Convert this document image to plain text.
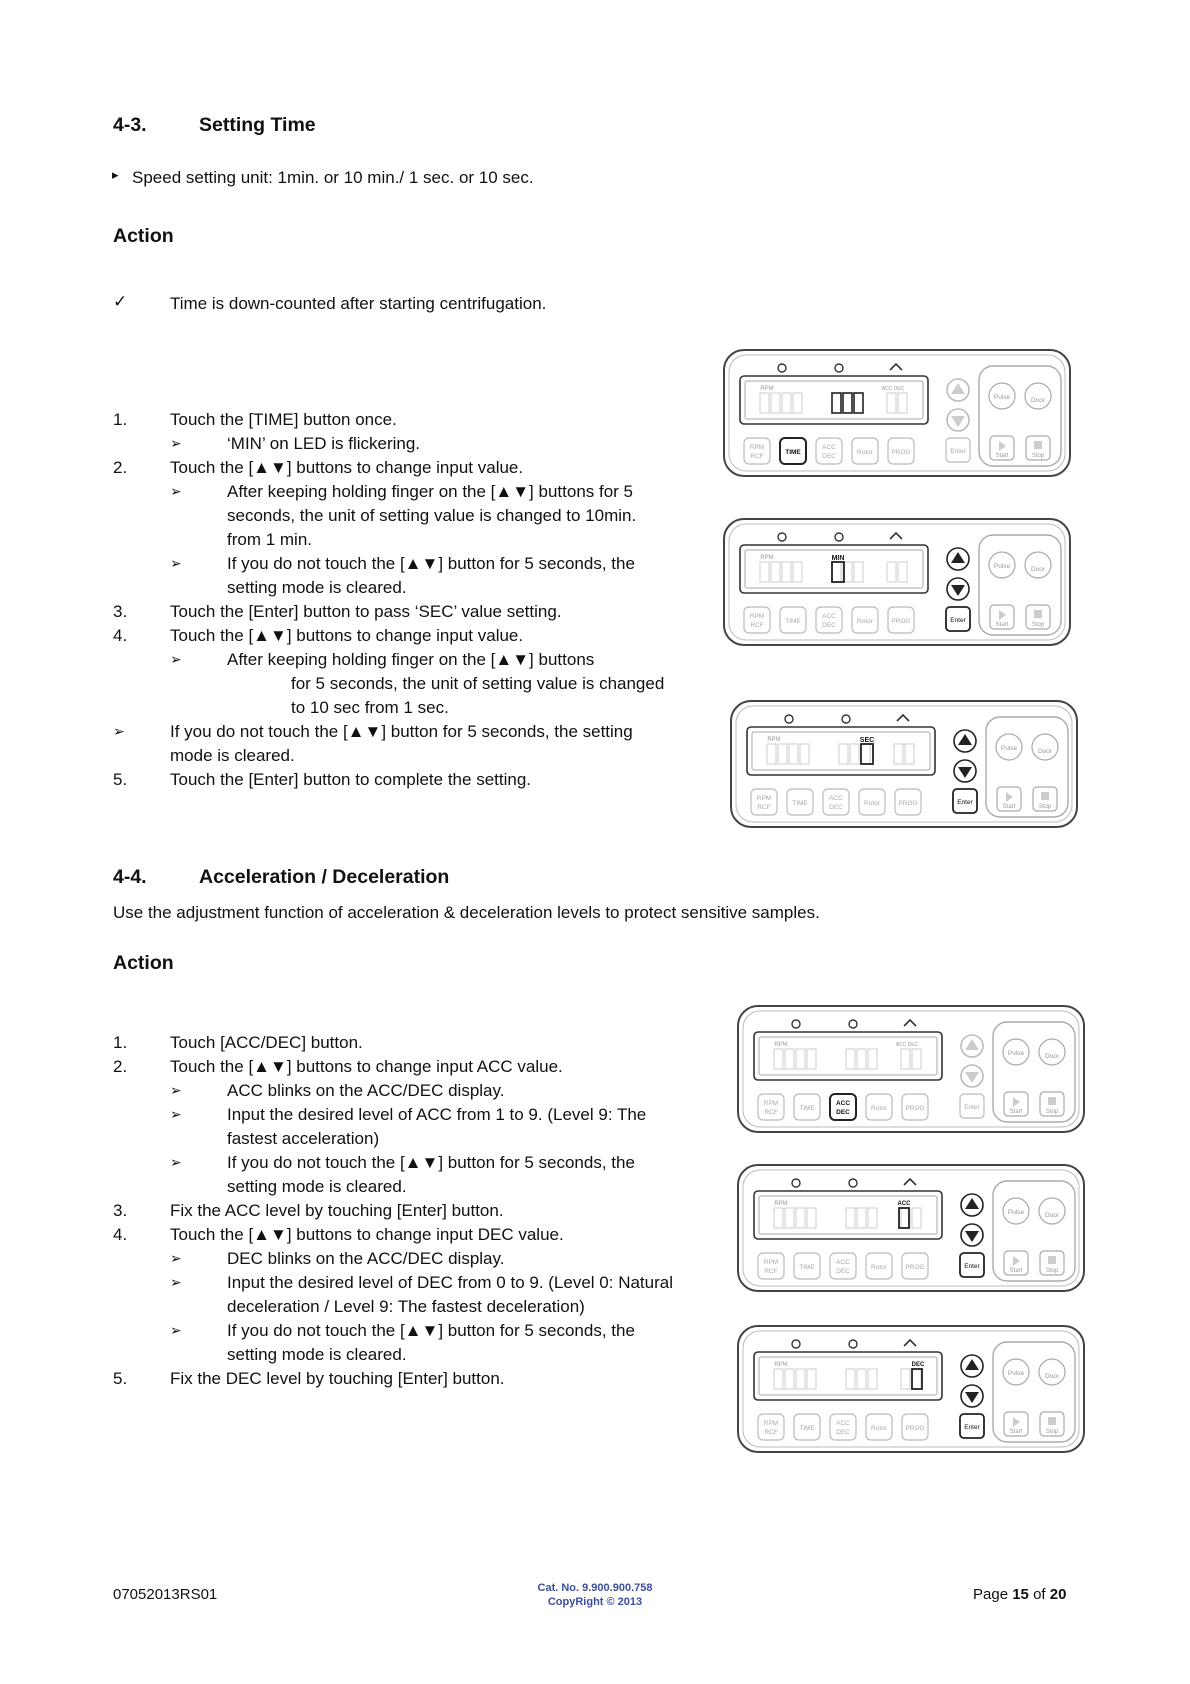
4-3.	Setting Time
▸ Speed setting unit: 1min. or 10 min./ 1 sec. or 10 sec.
Action
✓	Time is down-counted after starting centrifugation.
1.	Touch the [TIME] button once.
➢	‘MIN’ on LED is flickering.
2.	Touch the [▲▼] buttons to change input value.
➢	After keeping holding finger on the [▲▼] buttons for 5
seconds, the unit of setting value is changed to 10min.
from 1 min.
➢	If you do not touch the [▲▼] button for 5 seconds, the
setting mode is cleared.
3.	Touch the [Enter] button to pass ‘SEC’ value setting.
4.	Touch the [▲▼] buttons to change input value.
➢	After keeping holding finger on the [▲▼] buttons
for 5 seconds, the unit of setting value is changed
to 10 sec from 1 sec.
➢	If you do not touch the [▲▼] button for 5 seconds, the setting
mode is cleared.
5.	Touch the [Enter] button to complete the setting.
4-4.	Acceleration / Deceleration
Use the adjustment function of acceleration & deceleration levels to protect sensitive samples.
Action
1.	Touch [ACC/DEC] button.
2.	Touch the [▲▼] buttons to change input ACC value.
➢	ACC blinks on the ACC/DEC display.
➢	Input the desired level of ACC from 1 to 9. (Level 9: The
fastest acceleration)
➢	If you do not touch the [▲▼] button for 5 seconds, the
setting mode is cleared.
3.	Fix the ACC level by touching [Enter] button.
4.	Touch the [▲▼] buttons to change input DEC value.
➢	DEC blinks on the ACC/DEC display.
➢	Input the desired level of DEC from 0 to 9. (Level 0: Natural
deceleration / Level 9: The fastest deceleration)
➢	If you do not touch the [▲▼] button for 5 seconds, the
setting mode is cleared.
5.	Fix the DEC level by touching [Enter] button.
RPM	ACC DEC
RPM
RCF
TIME
ACC
DEC
Rotor	PROG	Enter
Pulse	Door
Start	Stop
RPM	MIN
RPM
RCF
TIME
ACC
DEC
Rotor	PROG	Enter
Pulse	Door
Start	Stop
RPM	SEC
RPM
RCF
TIME
ACC
DEC
Rotor	PROG	Enter
Pulse	Door
Start	Stop
RPM	ACC DEC
RPM
RCF
TIME
ACC
DEC
Rotor	PROG	Enter
Pulse	Door
Start	Stop
RPM	ACC
RPM
RCF
TIME
ACC
DEC
Rotor	PROG	Enter
Pulse	Door
Start	Stop
RPM	DEC
RPM
RCF
TIME
ACC
DEC
Rotor	PROG	Enter
Pulse	Door
Start	Stop
07052013RS01	Cat. No. 9.900.900.758
CopyRight © 2013	Page 15 of 20
